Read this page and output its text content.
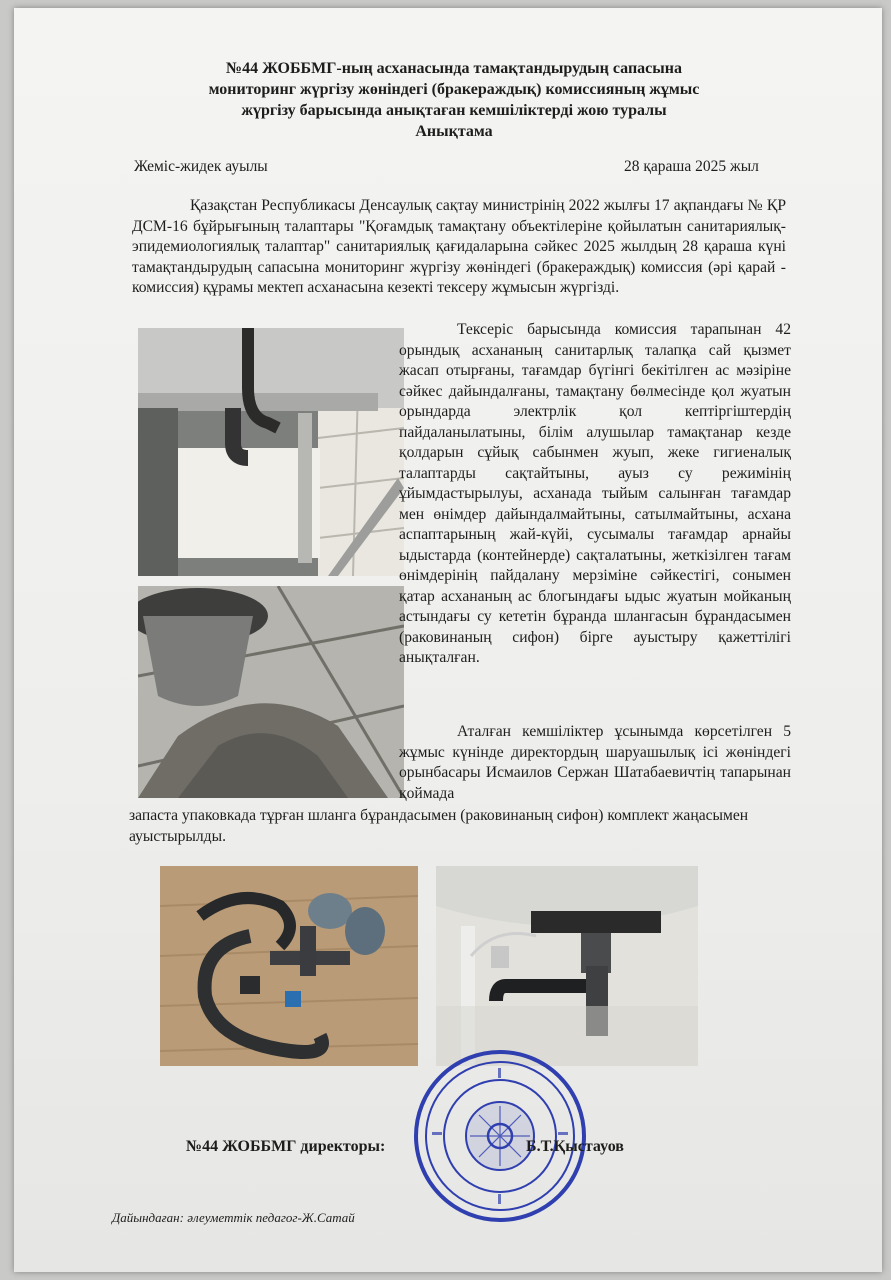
№44 ЖОББМГ-ның асханасында тамақтандырудың сапасына
мониторинг жүргізу жөніндегі (бракераждық) комиссияның жұмыс
жүргізу барысында анықтаған кемшіліктерді жою туралы
Анықтама
Жеміс-жидек ауылы	28 қараша 2025 жыл

Қазақстан Республикасы Денсаулық сақтау министрінің 2022 жылғы 17 ақпандағы № ҚР ДСМ-16 бұйрығының талаптары "Қоғамдық тамақтану объектілеріне қойылатын санитариялық-эпидемиологиялық талаптар" санитариялық қағидаларына сәйкес 2025 жылдың 28 қараша күні тамақтандырудың сапасына мониторинг жүргізу жөніндегі (бракераждық) комиссия (әрі қарай - комиссия) құрамы мектеп асханасына кезекті тексеру жұмысын жүргізді.

Тексеріс барысында комиссия тарапынан 42 орындық асхананың санитарлық талапқа сай қызмет жасап отырғаны, тағамдар бүгінгі бекітілген ас мәзіріне сәйкес дайындалғаны, тамақтану бөлмесінде қол жуатын орындарда электрлік қол кептіргіштердің пайдаланылатыны, білім алушылар тамақтанар кезде қолдарын сұйық сабынмен жуып, жеке гигиеналық талаптарды сақтайтыны, ауыз су режимінің ұйымдастырылуы, асханада тыйым салынған тағамдар мен өнімдер дайындалмайтыны, сатылмайтыны, асхана аспаптарының жай-күйі, сусымалы тағамдар арнайы ыдыстарда (контейнерде) сақталатыны, жеткізілген тағам өнімдерінің пайдалану мерзіміне сәйкестігі, сонымен қатар асхананың ас блогындағы ыдыс жуатын мойканың астындағы су кететін бұранда шлангасын бұрандасымен (раковинаның сифон) бірге ауыстыру қажеттілігі анықталған.

Аталған кемшіліктер ұсынымда көрсетілген 5 жұмыс күнінде директордың шаруашылық ісі жөніндегі орынбасары Исмаилов Сержан Шатабаевичтің тапарынан қоймада

запаста упаковкада тұрған шланга бұрандасымен (раковинаның сифон) комплект жаңасымен ауыстырылды.

№44 ЖОББМГ директоры:	Б.Т.Қыстауов
Дайындаған: әлеуметтік педагог-Ж.Сатай
